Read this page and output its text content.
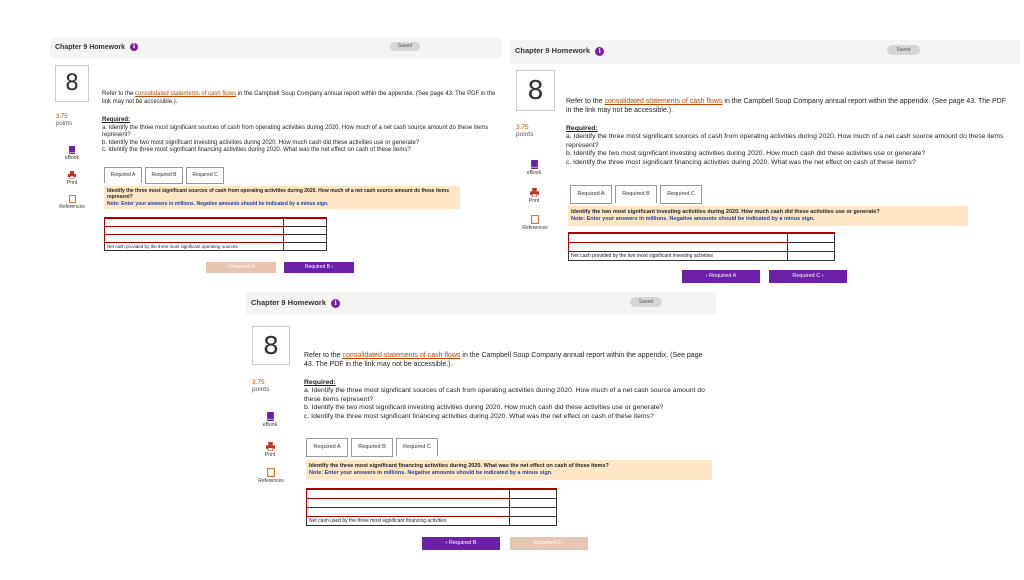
Chapter 9 Homework i	Saved
8
3.75
points
eBook
Print
References
Refer to the consolidated statements of cash flows in the Campbell Soup Company annual report within the appendix. (See page 43. The PDF in the link may not be accessible.).
Required:
a. Identify the three most significant sources of cash from operating activities during 2020. How much of a net cash source amount do these items represent?
b. Identify the two most significant investing activities during 2020. How much cash did these activities use or generate?
c. Identify the three most significant financing activities during 2020. What was the net effect on cash of these items?
Required A	Required B	Required C
Identify the three most significant sources of cash from operating activities during 2020. How much of a net cash source amount do these items represent?
Note: Enter your answers in millions. Negative amounts should be indicated by a minus sign.

Net cash provided by the three most significant operating sources	
‹ Required A	Required B ›
Chapter 9 Homework i	Saved
8
3.75
points
eBook
Print
References
Refer to the consolidated statements of cash flows in the Campbell Soup Company annual report within the appendix. (See page 43. The PDF in the link may not be accessible.).
Required:
a. Identify the three most significant sources of cash from operating activities during 2020. How much of a net cash source amount do these items represent?
b. Identify the two most significant investing activities during 2020. How much cash did these activities use or generate?
c. Identify the three most significant financing activities during 2020. What was the net effect on cash of these items?
Required A	Required B	Required C
Identify the two most significant investing activities during 2020. How much cash did these activities use or generate?
Note: Enter your answers in millions. Negative amounts should be indicated by a minus sign.

Net cash provided by the two most significant investing activities	
‹ Required A	Required C ›
Chapter 9 Homework i	Saved
8
3.75
points
eBook
Print
References
Refer to the consolidated statements of cash flows in the Campbell Soup Company annual report within the appendix. (See page 43. The PDF in the link may not be accessible.).
Required:
a. Identify the three most significant sources of cash from operating activities during 2020. How much of a net cash source amount do these items represent?
b. Identify the two most significant investing activities during 2020. How much cash did these activities use or generate?
c. Identify the three most significant financing activities during 2020. What was the net effect on cash of these items?
Required A	Required B	Required C
Identify the three most significant financing activities during 2020. What was the net effect on cash of these items?
Note: Enter your answers in millions. Negative amounts should be indicated by a minus sign.

Net cash used by the three most significant financing activities	
‹ Required B	Required C ›
